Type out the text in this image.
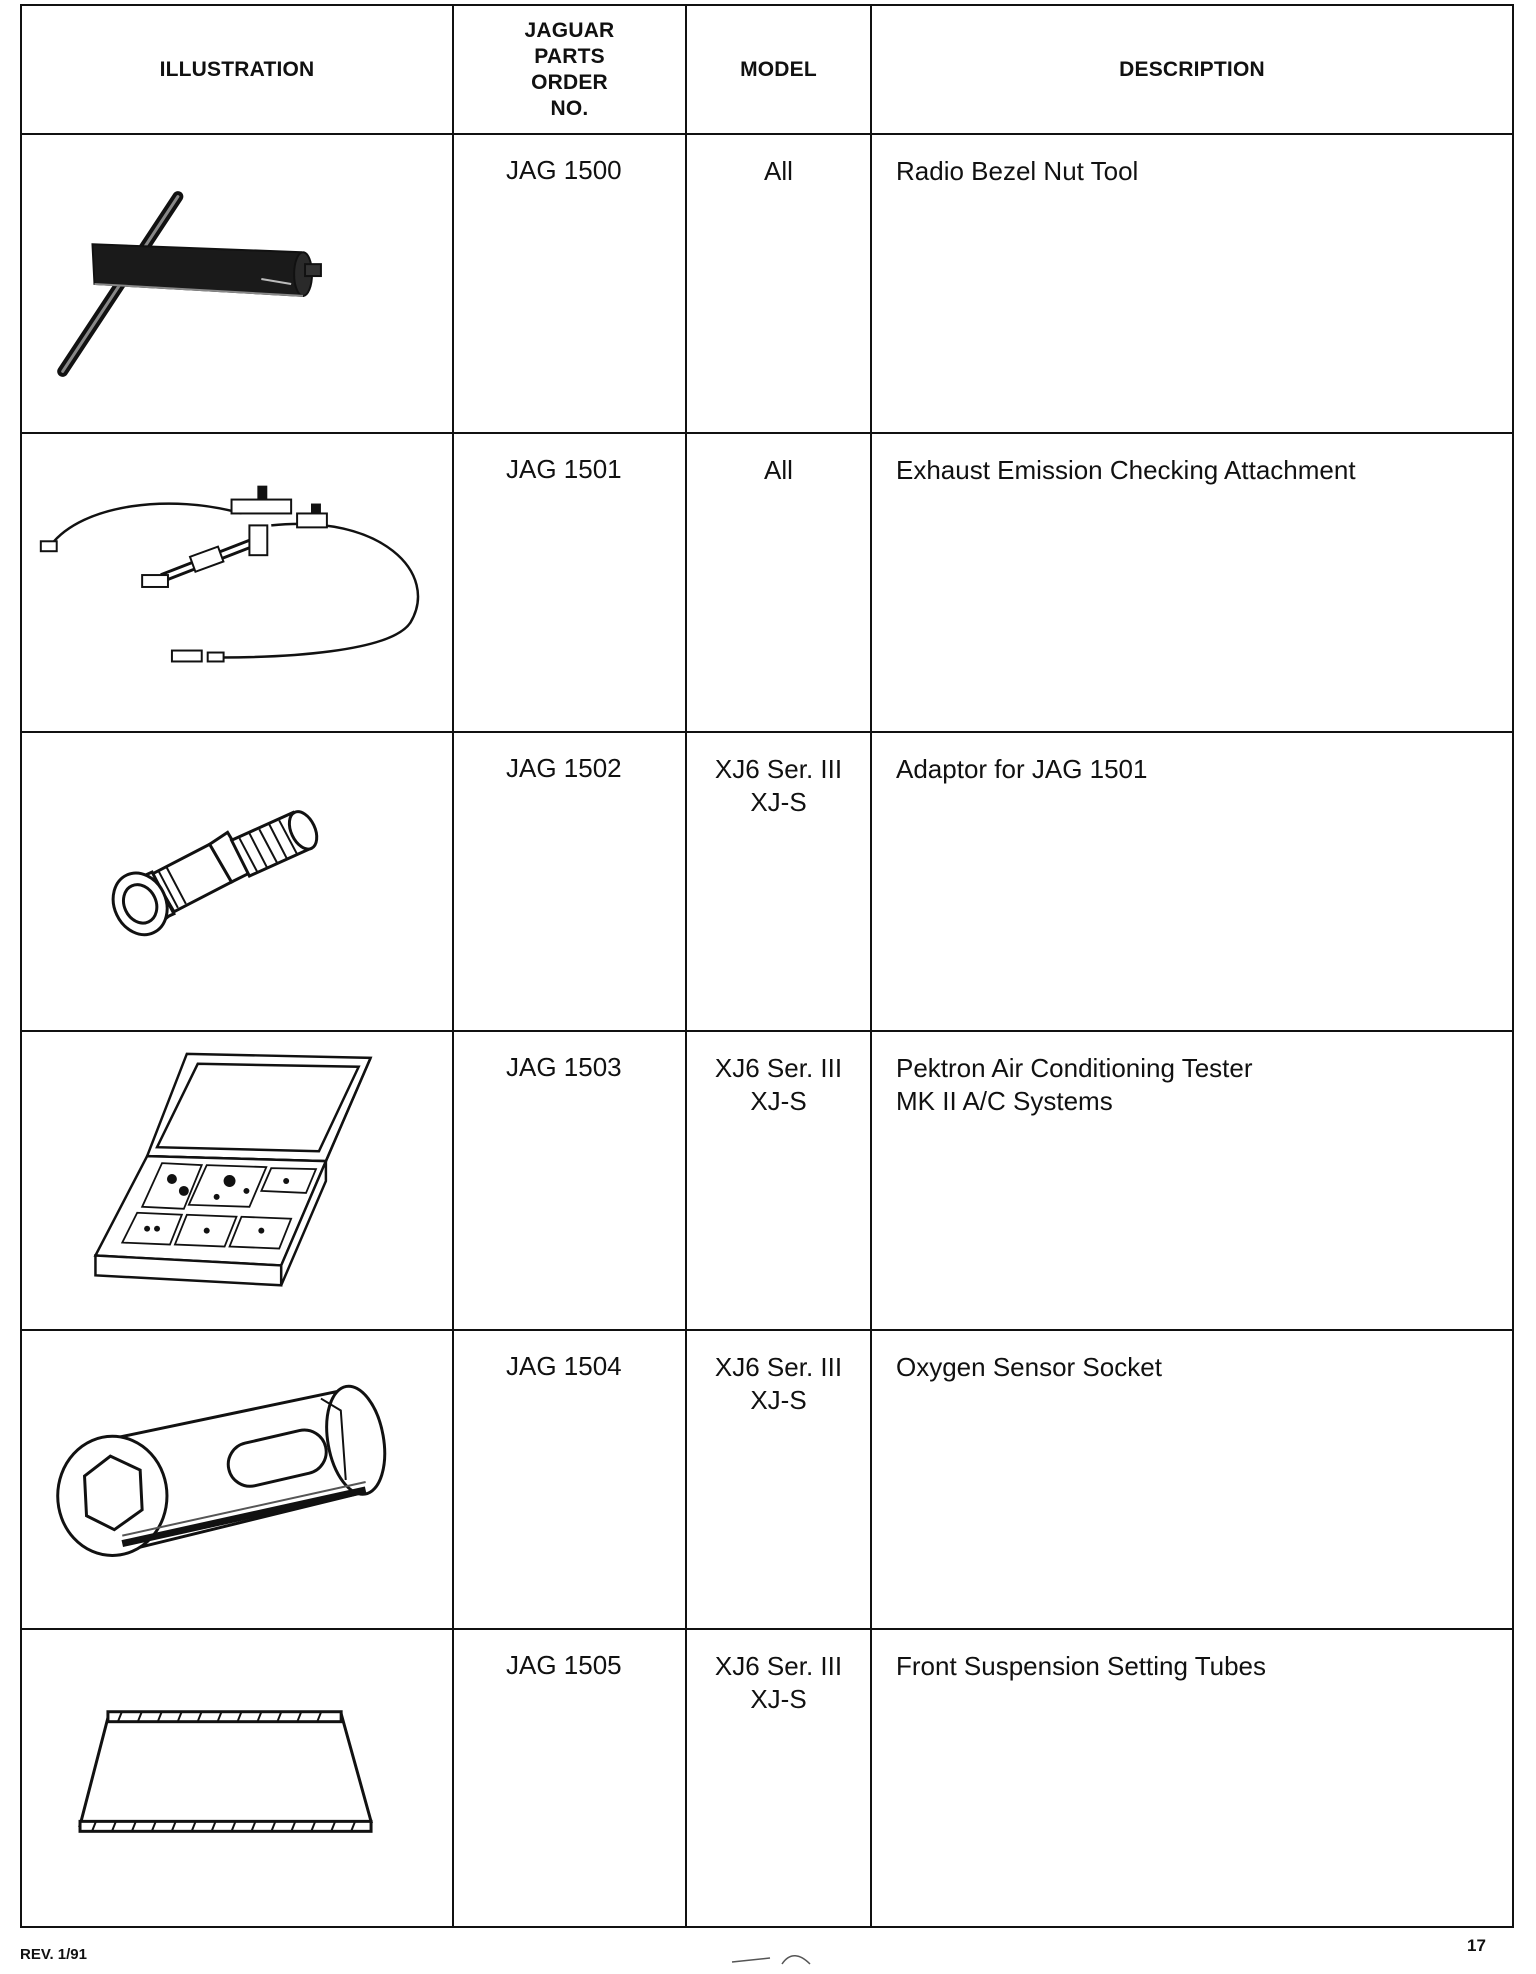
ILLUSTRATION	JAGUAR
PARTS
ORDER
NO.	MODEL	DESCRIPTION

	JAG 1500	All	Radio Bezel Nut Tool

	JAG 1501	All	Exhaust Emission Checking Attachment

	JAG 1502	XJ6 Ser. III
XJ-S	Adaptor for JAG 1501

	JAG 1503	XJ6 Ser. III
XJ-S	Pektron Air Conditioning Tester
MK II A/C Systems

	JAG 1504	XJ6 Ser. III
XJ-S	Oxygen Sensor Socket

	JAG 1505	XJ6 Ser. III
XJ-S	Front Suspension Setting Tubes
REV. 1/91	17
